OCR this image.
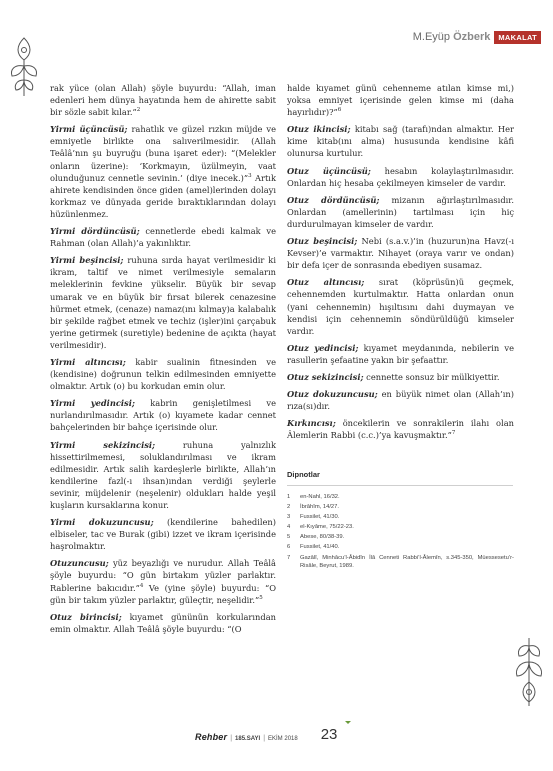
M.Eyüp Özberk	MAKALAT

rak yüce (olan Allah) şöyle buyurdu: “Allah, iman edenleri hem dünya hayatında hem de ahirette sabit bir sözle sabit kılar.”$^2$

Yirmi üçüncüsü; rahatlık ve güzel rızkın müjde ve emniyetle birlikte ona salıverilmesidir. (Allah Teâlâ’nın şu buyruğu (buna işaret eder): “(Melekler onların üzerine): ‘Korkmayın, üzülmeyin, vaat olunduğunuz cennetle sevinin.’ (diye inecek.)”$^3$ Artık ahirete kendisinden önce giden (amel)lerinden dolayı korkmaz ve dünyada geride bıraktıklarından dolayı hüzünlenmez.

Yirmi dördüncüsü; cennetlerde ebedi kalmak ve Rahman (olan Allah)’a yakınlıktır.

Yirmi beşincisi; ruhuna sırda hayat verilmesidir ki ikram, taltif ve nimet verilmesiyle semaların meleklerinin fevkine yükselir. Büyük bir sevap umarak ve en büyük bir fırsat bilerek cenazesine hürmet etmek, (cenaze) namaz(ını kılmay)a kalabalık bir şekilde rağbet etmek ve techiz (işler)ini çarçabuk yerine getirmek (suretiyle) bedenine de açıkta (hayat verilmesidir).

Yirmi altıncısı; kabir sualinin fitnesinden ve (kendisine) doğrunun telkin edilmesinden emniyette olmaktır. Artık (o) bu korkudan emin olur.

Yirmi yedincisi; kabrin genişletilmesi ve nurlandırılmasıdır. Artık (o) kıyamete kadar cennet bahçelerinden bir bahçe içerisinde olur.

Yirmi sekizincisi; ruhuna yalnızlık hissettirilmemesi, soluklandırılması ve ikram edilmesidir. Artık salih kardeşlerle birlikte, Allah’ın kendilerine fazl(-ı ihsan)ından verdiği şeylerle sevinir, müjdelenir (neşelenir) oldukları halde yeşil kuşların kursaklarına konur.

Yirmi dokuzuncusu; (kendilerine bahedilen) elbiseler, tac ve Burak (gibi) izzet ve ikram içerisinde haşrolmaktır.

Otuzuncusu; yüz beyazlığı ve nurudur. Allah Teâlâ şöyle buyurdu: “O gün birtakım yüzler parlaktır. Rablerine bakıcıdır.”$^4$ Ve (yine şöyle) buyurdu: “O gün bir takım yüzler parlaktır, güleçtir, neşelidir.”$^5$

Otuz birincisi; kıyamet gününün korkularından emin olmaktır. Allah Teâlâ şöyle buyurdu: “(O

halde kıyamet günü cehenneme atılan kimse mi,) yoksa emniyet içerisinde gelen kimse mi (daha hayırlıdır)?”$^6$

Otuz ikincisi; kitabı sağ (tarafı)ndan almaktır. Her kime kitab(ını alma) hususunda kendisine kâfi olunursa kurtulur.

Otuz üçüncüsü; hesabın kolaylaştırılmasıdır. Onlardan hiç hesaba çekilmeyen kimseler de vardır.

Otuz dördüncüsü; mizanın ağırlaştırılmasıdır. Onlardan (amellerinin) tartılması için hiç durdurulmayan kimseler de vardır.

Otuz beşincisi; Nebi (s.a.v.)’in (huzurun)na Havz(-ı Kevser)’e varmaktır. Nihayet (oraya varır ve ondan) bir defa içer de sonrasında ebediyen susamaz.

Otuz altıncısı; sırat (köprüsün)ü geçmek, cehennemden kurtulmaktır. Hatta onlardan onun (yani cehennemin) hışıltısını dahi duymayan ve kendisi için cehennemin söndürüldüğü kimseler vardır.

Otuz yedincisi; kıyamet meydanında, nebilerin ve rasullerin şefaatine yakın bir şefaattır.

Otuz sekizincisi; cennette sonsuz bir mülkiyettir.

Otuz dokuzuncusu; en büyük nimet olan (Allah’ın) rıza(sı)dır.

Kırkıncısı; öncekilerin ve sonrakilerin ilahı olan Âlemlerin Rabbi (c.c.)’ya kavuşmaktır.”$^7$

Dipnotlar
1 en-Nahl, 16/32.
2 İbrâhîm, 14/27.
3 Fussilet, 41/30.
4 el-Kıyâme, 75/22-23.
5 Abese, 80/38-39.
6 Fussilet, 41/40.
7 Gazâlî, Minhâcu’l-Âbidîn İlâ Cenneti Rabbi’l-Âlemîn, s.345-350, Müessesetu’r-Risâle, Beyrut, 1989.
Rehber | 185.SAYI | EKİM 2018 23
